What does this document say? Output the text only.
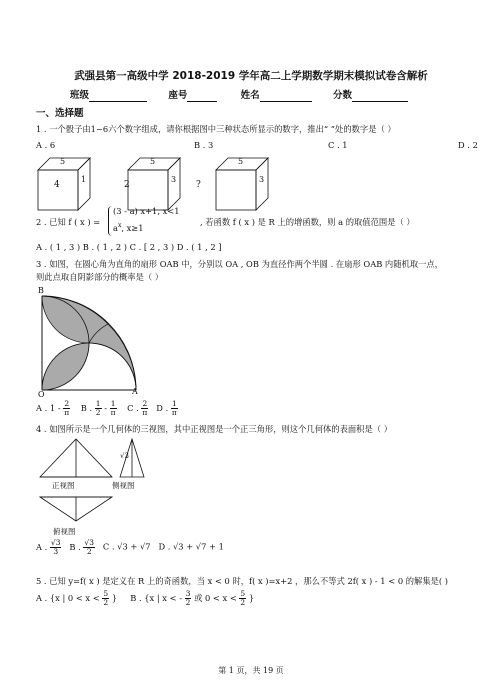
武强县第一高级中学 2018-2019 学年高二上学期数学期末模拟试卷含解析
班级	座号	姓名	分数
一、选择题
1 . 一个骰子由1~6六个数字组成，请你根据图中三种状态所显示的数字，推出“ ”处的数字是（ ）
A . 6	B . 3	C . 1	D . 2
5
4
1
5
2
3
5
?
3
2 . 已知 f ( x ) =
(3 - a) x+1, x<1
$a^x$, x≥1
, 若函数 f ( x ) 是 R 上的增函数，则 a 的取值范围是（ ）
A . ( 1 , 3 ) B . ( 1 , 2 ) C . [ 2 , 3 ) D . ( 1 , 2 ]
3 . 如图，在圆心角为直角的扇形 OAB 中，分别以 OA , OB 为直径作两个半圆 . 在扇形 OAB 内随机取一点，
则此点取自阴影部分的概率是（ ）
B
O	A
A . $1 - \frac{2}{\pi}$ B . $\frac{1}{2} - \frac{1}{\pi}$ C . $\frac{2}{\pi}$ D . $\frac{1}{\pi}$
4 . 如图所示是一个几何体的三视图，其中正视图是一个正三角形，则这个几何体的表面积是（ ）
正视图	侧视图
俯视图
√3
A . $\frac{√3}{3}$ B . $\frac{√3}{2}$ C . √3 + √7 D . √3 + √7 + 1
5 . 已知 y=f( x ) 是定义在 R 上的奇函数，当 x < 0 时，f( x )=x+2 ，那么不等式 2f( x ) - 1 < 0 的解集是( )
A . {x | $0 < x < \frac{5}{2}$ } B . {x | x < - $\frac{3}{2}$ 或 $0 < x < \frac{5}{2}$ }
第 1 页，共 19 页
